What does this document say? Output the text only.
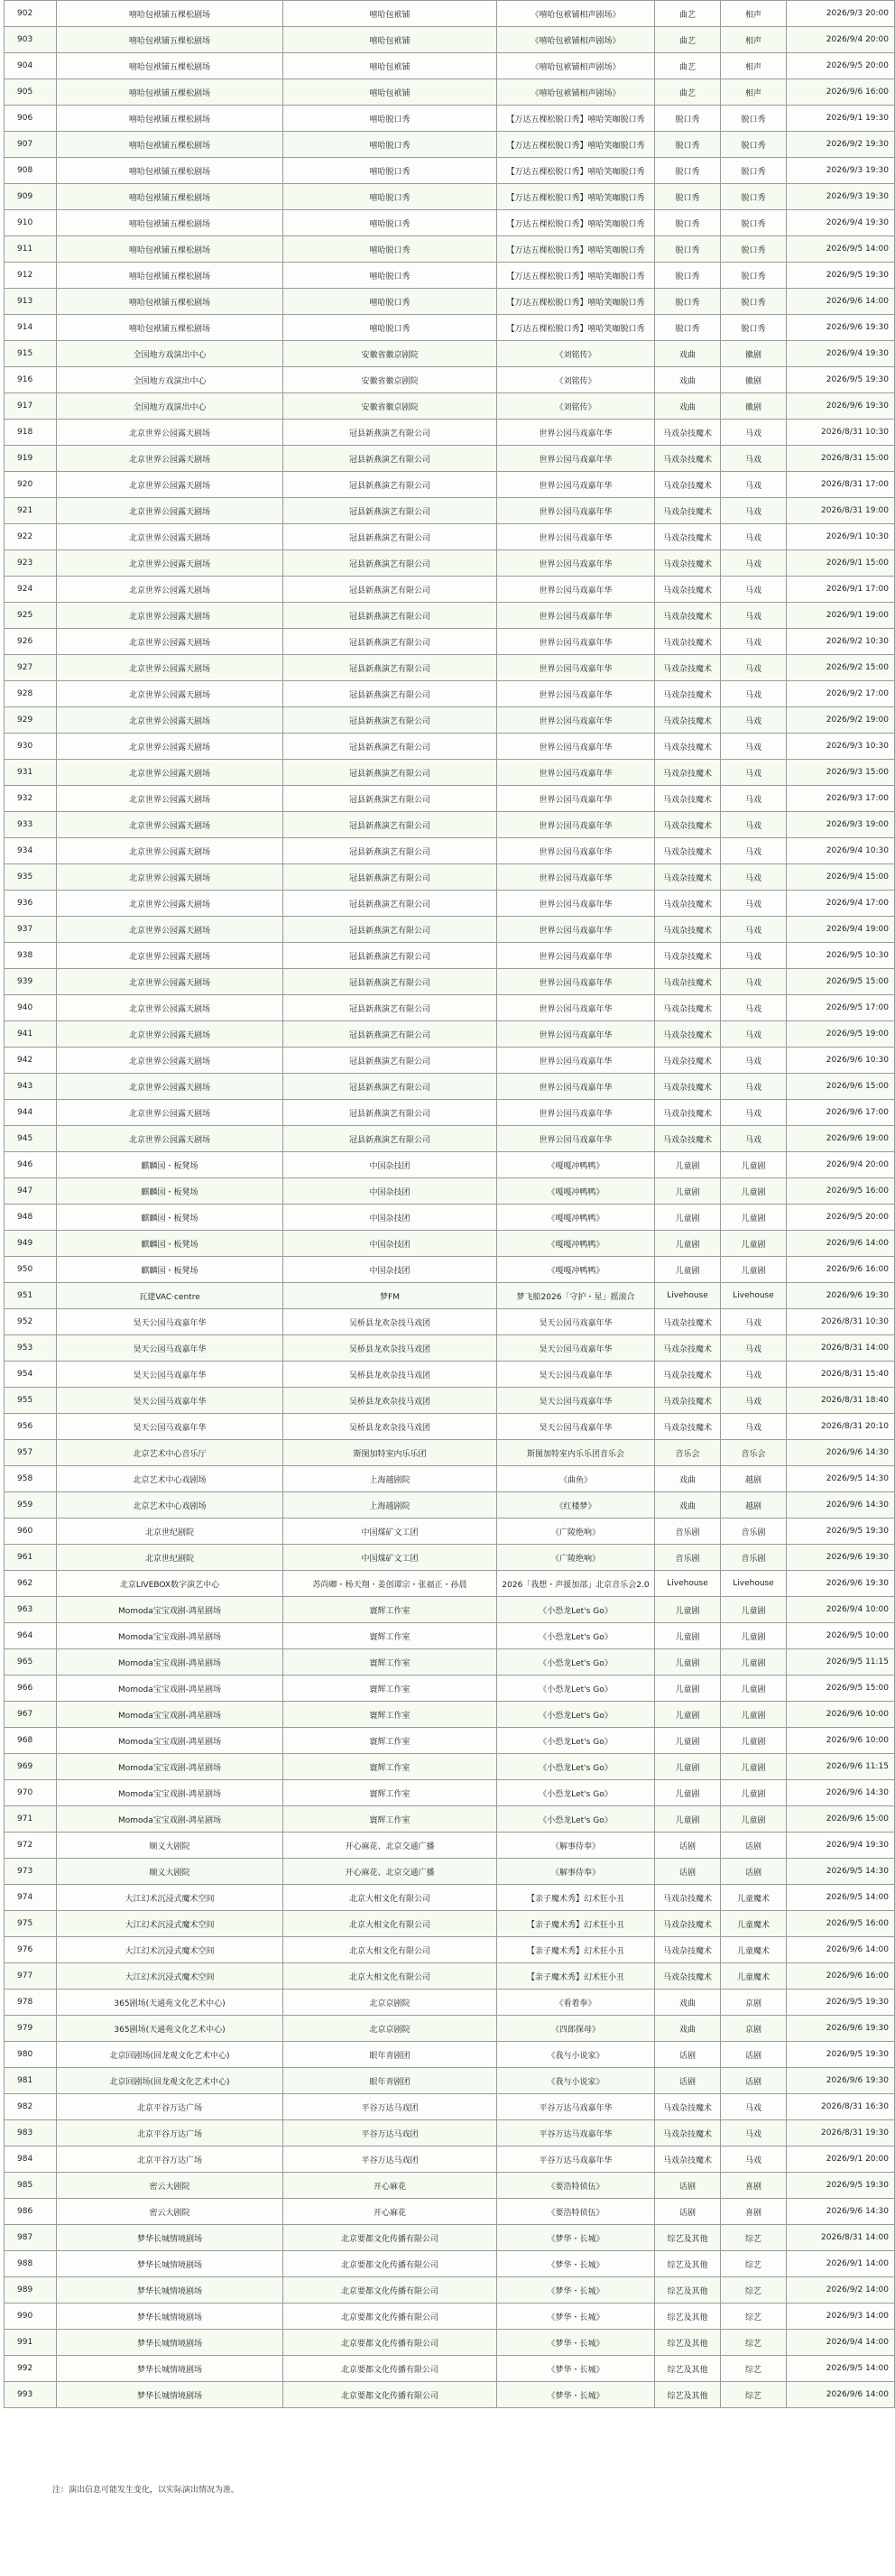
902	嘻哈包袱铺五棵松剧场	嘻哈包袱铺	《嘻哈包袱铺相声剧场》	曲艺	相声	2026/9/3 20:00
903	嘻哈包袱铺五棵松剧场	嘻哈包袱铺	《嘻哈包袱铺相声剧场》	曲艺	相声	2026/9/4 20:00
904	嘻哈包袱铺五棵松剧场	嘻哈包袱铺	《嘻哈包袱铺相声剧场》	曲艺	相声	2026/9/5 20:00
905	嘻哈包袱铺五棵松剧场	嘻哈包袱铺	《嘻哈包袱铺相声剧场》	曲艺	相声	2026/9/6 16:00
906	嘻哈包袱铺五棵松剧场	嘻哈脱口秀	【万达五棵松脱口秀】嘻哈笑咖脱口秀	脱口秀	脱口秀	2026/9/1 19:30
907	嘻哈包袱铺五棵松剧场	嘻哈脱口秀	【万达五棵松脱口秀】嘻哈笑咖脱口秀	脱口秀	脱口秀	2026/9/2 19:30
908	嘻哈包袱铺五棵松剧场	嘻哈脱口秀	【万达五棵松脱口秀】嘻哈笑咖脱口秀	脱口秀	脱口秀	2026/9/3 19:30
909	嘻哈包袱铺五棵松剧场	嘻哈脱口秀	【万达五棵松脱口秀】嘻哈笑咖脱口秀	脱口秀	脱口秀	2026/9/3 19:30
910	嘻哈包袱铺五棵松剧场	嘻哈脱口秀	【万达五棵松脱口秀】嘻哈笑咖脱口秀	脱口秀	脱口秀	2026/9/4 19:30
911	嘻哈包袱铺五棵松剧场	嘻哈脱口秀	【万达五棵松脱口秀】嘻哈笑咖脱口秀	脱口秀	脱口秀	2026/9/5 14:00
912	嘻哈包袱铺五棵松剧场	嘻哈脱口秀	【万达五棵松脱口秀】嘻哈笑咖脱口秀	脱口秀	脱口秀	2026/9/5 19:30
913	嘻哈包袱铺五棵松剧场	嘻哈脱口秀	【万达五棵松脱口秀】嘻哈笑咖脱口秀	脱口秀	脱口秀	2026/9/6 14:00
914	嘻哈包袱铺五棵松剧场	嘻哈脱口秀	【万达五棵松脱口秀】嘻哈笑咖脱口秀	脱口秀	脱口秀	2026/9/6 19:30
915	全国地方戏演出中心	安徽省徽京剧院	《刘铭传》	戏曲	徽剧	2026/9/4 19:30
916	全国地方戏演出中心	安徽省徽京剧院	《刘铭传》	戏曲	徽剧	2026/9/5 19:30
917	全国地方戏演出中心	安徽省徽京剧院	《刘铭传》	戏曲	徽剧	2026/9/6 19:30
918	北京世界公园露天剧场	冠县新燕演艺有限公司	世界公园马戏嘉年华	马戏杂技魔术	马戏	2026/8/31 10:30
919	北京世界公园露天剧场	冠县新燕演艺有限公司	世界公园马戏嘉年华	马戏杂技魔术	马戏	2026/8/31 15:00
920	北京世界公园露天剧场	冠县新燕演艺有限公司	世界公园马戏嘉年华	马戏杂技魔术	马戏	2026/8/31 17:00
921	北京世界公园露天剧场	冠县新燕演艺有限公司	世界公园马戏嘉年华	马戏杂技魔术	马戏	2026/8/31 19:00
922	北京世界公园露天剧场	冠县新燕演艺有限公司	世界公园马戏嘉年华	马戏杂技魔术	马戏	2026/9/1 10:30
923	北京世界公园露天剧场	冠县新燕演艺有限公司	世界公园马戏嘉年华	马戏杂技魔术	马戏	2026/9/1 15:00
924	北京世界公园露天剧场	冠县新燕演艺有限公司	世界公园马戏嘉年华	马戏杂技魔术	马戏	2026/9/1 17:00
925	北京世界公园露天剧场	冠县新燕演艺有限公司	世界公园马戏嘉年华	马戏杂技魔术	马戏	2026/9/1 19:00
926	北京世界公园露天剧场	冠县新燕演艺有限公司	世界公园马戏嘉年华	马戏杂技魔术	马戏	2026/9/2 10:30
927	北京世界公园露天剧场	冠县新燕演艺有限公司	世界公园马戏嘉年华	马戏杂技魔术	马戏	2026/9/2 15:00
928	北京世界公园露天剧场	冠县新燕演艺有限公司	世界公园马戏嘉年华	马戏杂技魔术	马戏	2026/9/2 17:00
929	北京世界公园露天剧场	冠县新燕演艺有限公司	世界公园马戏嘉年华	马戏杂技魔术	马戏	2026/9/2 19:00
930	北京世界公园露天剧场	冠县新燕演艺有限公司	世界公园马戏嘉年华	马戏杂技魔术	马戏	2026/9/3 10:30
931	北京世界公园露天剧场	冠县新燕演艺有限公司	世界公园马戏嘉年华	马戏杂技魔术	马戏	2026/9/3 15:00
932	北京世界公园露天剧场	冠县新燕演艺有限公司	世界公园马戏嘉年华	马戏杂技魔术	马戏	2026/9/3 17:00
933	北京世界公园露天剧场	冠县新燕演艺有限公司	世界公园马戏嘉年华	马戏杂技魔术	马戏	2026/9/3 19:00
934	北京世界公园露天剧场	冠县新燕演艺有限公司	世界公园马戏嘉年华	马戏杂技魔术	马戏	2026/9/4 10:30
935	北京世界公园露天剧场	冠县新燕演艺有限公司	世界公园马戏嘉年华	马戏杂技魔术	马戏	2026/9/4 15:00
936	北京世界公园露天剧场	冠县新燕演艺有限公司	世界公园马戏嘉年华	马戏杂技魔术	马戏	2026/9/4 17:00
937	北京世界公园露天剧场	冠县新燕演艺有限公司	世界公园马戏嘉年华	马戏杂技魔术	马戏	2026/9/4 19:00
938	北京世界公园露天剧场	冠县新燕演艺有限公司	世界公园马戏嘉年华	马戏杂技魔术	马戏	2026/9/5 10:30
939	北京世界公园露天剧场	冠县新燕演艺有限公司	世界公园马戏嘉年华	马戏杂技魔术	马戏	2026/9/5 15:00
940	北京世界公园露天剧场	冠县新燕演艺有限公司	世界公园马戏嘉年华	马戏杂技魔术	马戏	2026/9/5 17:00
941	北京世界公园露天剧场	冠县新燕演艺有限公司	世界公园马戏嘉年华	马戏杂技魔术	马戏	2026/9/5 19:00
942	北京世界公园露天剧场	冠县新燕演艺有限公司	世界公园马戏嘉年华	马戏杂技魔术	马戏	2026/9/6 10:30
943	北京世界公园露天剧场	冠县新燕演艺有限公司	世界公园马戏嘉年华	马戏杂技魔术	马戏	2026/9/6 15:00
944	北京世界公园露天剧场	冠县新燕演艺有限公司	世界公园马戏嘉年华	马戏杂技魔术	马戏	2026/9/6 17:00
945	北京世界公园露天剧场	冠县新燕演艺有限公司	世界公园马戏嘉年华	马戏杂技魔术	马戏	2026/9/6 19:00
946	麒麟园・板凳场	中国杂技团	《嘎嘎冲鸭鸭》	儿童剧	儿童剧	2026/9/4 20:00
947	麒麟园・板凳场	中国杂技团	《嘎嘎冲鸭鸭》	儿童剧	儿童剧	2026/9/5 16:00
948	麒麟园・板凳场	中国杂技团	《嘎嘎冲鸭鸭》	儿童剧	儿童剧	2026/9/5 20:00
949	麒麟园・板凳场	中国杂技团	《嘎嘎冲鸭鸭》	儿童剧	儿童剧	2026/9/6 14:00
950	麒麟园・板凳场	中国杂技团	《嘎嘎冲鸭鸭》	儿童剧	儿童剧	2026/9/6 16:00
951	瓦建VAC·centre	梦FM	梦飞船2026「守护・星」摇滚合	Livehouse	Livehouse	2026/9/6 19:30
952	昊天公园马戏嘉年华	吴桥县龙欢杂技马戏团	昊天公园马戏嘉年华	马戏杂技魔术	马戏	2026/8/31 10:30
953	昊天公园马戏嘉年华	吴桥县龙欢杂技马戏团	昊天公园马戏嘉年华	马戏杂技魔术	马戏	2026/8/31 14:00
954	昊天公园马戏嘉年华	吴桥县龙欢杂技马戏团	昊天公园马戏嘉年华	马戏杂技魔术	马戏	2026/8/31 15:40
955	昊天公园马戏嘉年华	吴桥县龙欢杂技马戏团	昊天公园马戏嘉年华	马戏杂技魔术	马戏	2026/8/31 18:40
956	昊天公园马戏嘉年华	吴桥县龙欢杂技马戏团	昊天公园马戏嘉年华	马戏杂技魔术	马戏	2026/8/31 20:10
957	北京艺术中心音乐厅	斯图加特室内乐乐团	斯图加特室内乐乐团音乐会	音乐会	音乐会	2026/9/6 14:30
958	北京艺术中心戏剧场	上海越剧院	《曲鱼》	戏曲	越剧	2026/9/5 14:30
959	北京艺术中心戏剧场	上海越剧院	《红楼梦》	戏曲	越剧	2026/9/6 14:30
960	北京世纪剧院	中国煤矿文工团	《广陵绝响》	音乐剧	音乐剧	2026/9/5 19:30
961	北京世纪剧院	中国煤矿文工团	《广陵绝响》	音乐剧	音乐剧	2026/9/6 19:30
962	北京LIVEBOX数字演艺中心	苏尚卿・杨天翔・姜创谭宗・张福正・孙晨	2026「我想・声援加部」北京音乐会2.0	Livehouse	Livehouse	2026/9/6 19:30
963	Momoda宝宝戏剧-鸿星剧场	寰辉工作室	《小恐龙Let's Go》	儿童剧	儿童剧	2026/9/4 10:00
964	Momoda宝宝戏剧-鸿星剧场	寰辉工作室	《小恐龙Let's Go》	儿童剧	儿童剧	2026/9/5 10:00
965	Momoda宝宝戏剧-鸿星剧场	寰辉工作室	《小恐龙Let's Go》	儿童剧	儿童剧	2026/9/5 11:15
966	Momoda宝宝戏剧-鸿星剧场	寰辉工作室	《小恐龙Let's Go》	儿童剧	儿童剧	2026/9/5 15:00
967	Momoda宝宝戏剧-鸿星剧场	寰辉工作室	《小恐龙Let's Go》	儿童剧	儿童剧	2026/9/6 10:00
968	Momoda宝宝戏剧-鸿星剧场	寰辉工作室	《小恐龙Let's Go》	儿童剧	儿童剧	2026/9/6 10:00
969	Momoda宝宝戏剧-鸿星剧场	寰辉工作室	《小恐龙Let's Go》	儿童剧	儿童剧	2026/9/6 11:15
970	Momoda宝宝戏剧-鸿星剧场	寰辉工作室	《小恐龙Let's Go》	儿童剧	儿童剧	2026/9/6 14:30
971	Momoda宝宝戏剧-鸿星剧场	寰辉工作室	《小恐龙Let's Go》	儿童剧	儿童剧	2026/9/6 15:00
972	顺义大剧院	开心麻花、北京交通广播	《解事侍奉》	话剧	话剧	2026/9/4 19:30
973	顺义大剧院	开心麻花、北京交通广播	《解事侍奉》	话剧	话剧	2026/9/5 14:30
974	大江幻术沉浸式魔术空间	北京大相文化有限公司	【亲子魔术秀】幻术狂小丑	马戏杂技魔术	儿童魔术	2026/9/5 14:00
975	大江幻术沉浸式魔术空间	北京大相文化有限公司	【亲子魔术秀】幻术狂小丑	马戏杂技魔术	儿童魔术	2026/9/5 16:00
976	大江幻术沉浸式魔术空间	北京大相文化有限公司	【亲子魔术秀】幻术狂小丑	马戏杂技魔术	儿童魔术	2026/9/6 14:00
977	大江幻术沉浸式魔术空间	北京大相文化有限公司	【亲子魔术秀】幻术狂小丑	马戏杂技魔术	儿童魔术	2026/9/6 16:00
978	365剧场(天通苑文化艺术中心)	北京京剧院	《看着拳》	戏曲	京剧	2026/9/5 19:30
979	365剧场(天通苑文化艺术中心)	北京京剧院	《四郎探母》	戏曲	京剧	2026/9/6 19:30
980	北京回剧场(回龙观文化艺术中心)	眼年青剧团	《我与小说家》	话剧	话剧	2026/9/5 19:30
981	北京回剧场(回龙观文化艺术中心)	眼年青剧团	《我与小说家》	话剧	话剧	2026/9/6 19:30
982	北京平谷万达广场	平谷万达马戏团	平谷万达马戏嘉年华	马戏杂技魔术	马戏	2026/8/31 16:30
983	北京平谷万达广场	平谷万达马戏团	平谷万达马戏嘉年华	马戏杂技魔术	马戏	2026/8/31 19:30
984	北京平谷万达广场	平谷万达马戏团	平谷万达马戏嘉年华	马戏杂技魔术	马戏	2026/9/1 20:00
985	密云大剧院	开心麻花	《要浩特侦伍》	话剧	喜剧	2026/9/5 19:30
986	密云大剧院	开心麻花	《要浩特侦伍》	话剧	喜剧	2026/9/6 14:30
987	梦华长城情境剧场	北京要都文化传播有限公司	《梦华・长城》	综艺及其他	综艺	2026/8/31 14:00
988	梦华长城情境剧场	北京要都文化传播有限公司	《梦华・长城》	综艺及其他	综艺	2026/9/1 14:00
989	梦华长城情境剧场	北京要都文化传播有限公司	《梦华・长城》	综艺及其他	综艺	2026/9/2 14:00
990	梦华长城情境剧场	北京要都文化传播有限公司	《梦华・长城》	综艺及其他	综艺	2026/9/3 14:00
991	梦华长城情境剧场	北京要都文化传播有限公司	《梦华・长城》	综艺及其他	综艺	2026/9/4 14:00
992	梦华长城情境剧场	北京要都文化传播有限公司	《梦华・长城》	综艺及其他	综艺	2026/9/5 14:00
993	梦华长城情境剧场	北京要都文化传播有限公司	《梦华・长城》	综艺及其他	综艺	2026/9/6 14:00
注：演出信息可能发生变化，以实际演出情况为准。
